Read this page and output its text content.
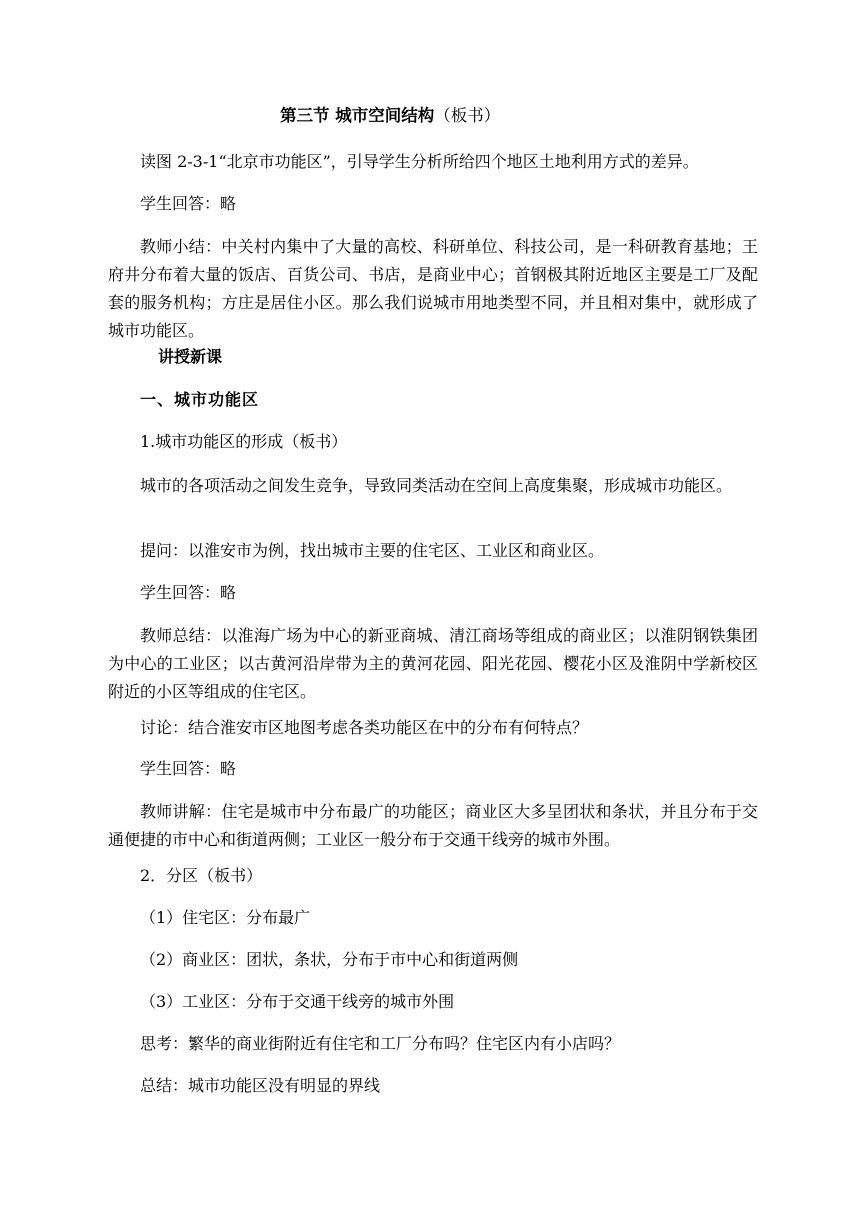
第三节 城市空间结构（板书）
读图 2-3-1“北京市功能区”，引导学生分析所给四个地区土地利用方式的差异。
学生回答：略
教师小结：中关村内集中了大量的高校、科研单位、科技公司，是一科研教育基地；王府井分布着大量的饭店、百货公司、书店，是商业中心；首钢极其附近地区主要是工厂及配套的服务机构；方庄是居住小区。那么我们说城市用地类型不同，并且相对集中，就形成了城市功能区。
讲授新课
一、城市功能区
1.城市功能区的形成（板书）
城市的各项活动之间发生竞争，导致同类活动在空间上高度集聚，形成城市功能区。
提问：以淮安市为例，找出城市主要的住宅区、工业区和商业区。
学生回答：略
教师总结：以淮海广场为中心的新亚商城、清江商场等组成的商业区；以淮阴钢铁集团为中心的工业区；以古黄河沿岸带为主的黄河花园、阳光花园、樱花小区及淮阴中学新校区附近的小区等组成的住宅区。
讨论：结合淮安市区地图考虑各类功能区在中的分布有何特点？
学生回答：略
教师讲解：住宅是城市中分布最广的功能区；商业区大多呈团状和条状，并且分布于交通便捷的市中心和街道两侧；工业区一般分布于交通干线旁的城市外围。
2．分区（板书）
（1）住宅区：分布最广
（2）商业区：团状，条状，分布于市中心和街道两侧
（3）工业区：分布于交通干线旁的城市外围
思考：繁华的商业街附近有住宅和工厂分布吗？住宅区内有小店吗？
总结：城市功能区没有明显的界线
